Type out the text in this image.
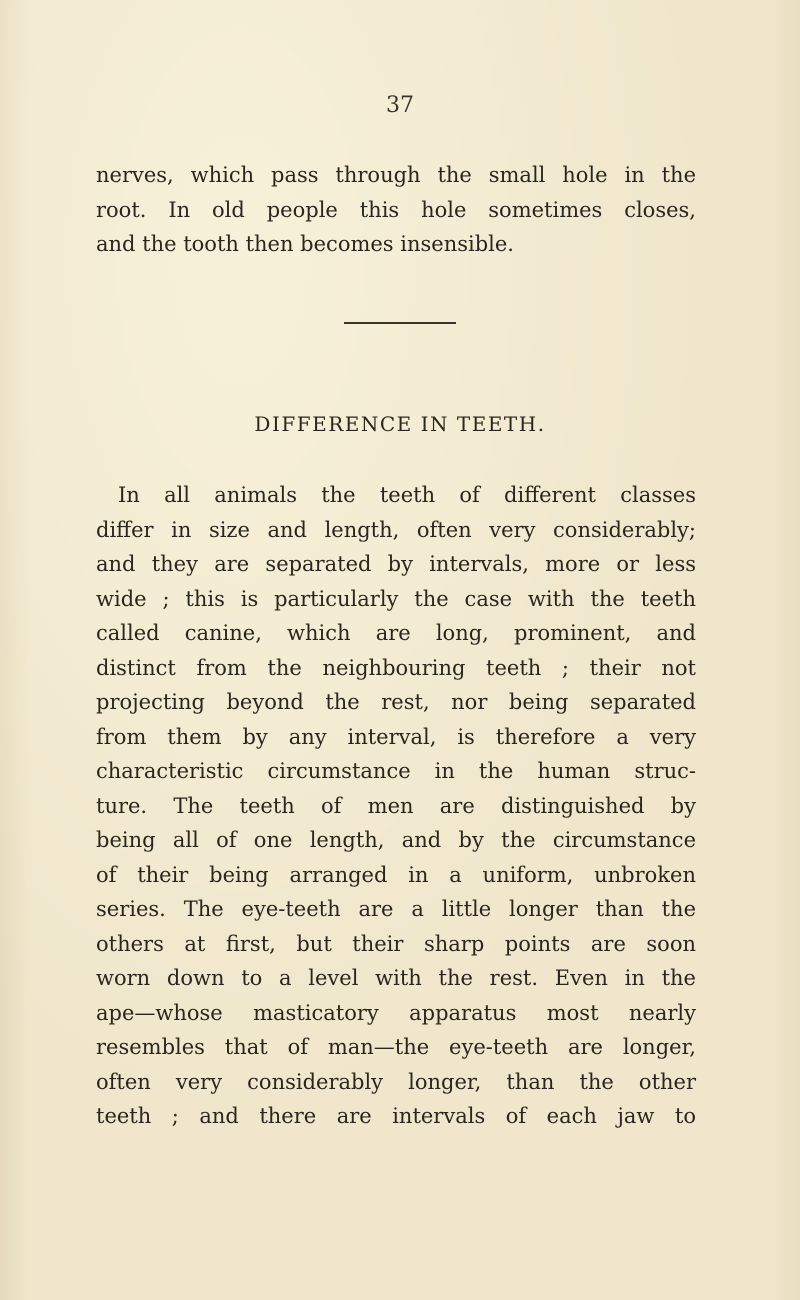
37

nerves, which pass through the small hole in the
root. In old people this hole sometimes closes,
and the tooth then becomes insensible.

DIFFERENCE IN TEETH.

In all animals the teeth of different classes
differ in size and length, often very considerably;
and they are separated by intervals, more or less
wide ; this is particularly the case with the teeth
called canine, which are long, prominent, and
distinct from the neighbouring teeth ; their not
projecting beyond the rest, nor being separated
from them by any interval, is therefore a very
characteristic circumstance in the human struc-
ture. The teeth of men are distinguished by
being all of one length, and by the circumstance
of their being arranged in a uniform, unbroken
series. The eye-teeth are a little longer than the
others at first, but their sharp points are soon
worn down to a level with the rest. Even in the
ape—whose masticatory apparatus most nearly
resembles that of man—the eye-teeth are longer,
often very considerably longer, than the other
teeth ; and there are intervals of each jaw to
